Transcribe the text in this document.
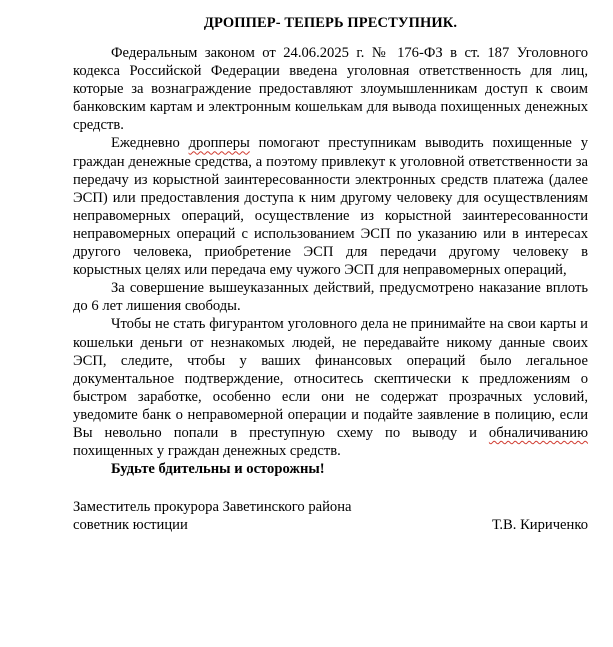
ДРОППЕР- ТЕПЕРЬ ПРЕСТУПНИК.

Федеральным законом от 24.06.2025 г. № 176-ФЗ в ст. 187 Уголовного кодекса Российской Федерации введена уголовная ответственность для лиц, которые за вознаграждение предоставляют злоумышленникам доступ к своим банковским картам и электронным кошелькам для вывода похищенных денежных средств.

Ежедневно дропперы помогают преступникам выводить похищенные у граждан денежные средства, а поэтому привлекут к уголовной ответственности за передачу из корыстной заинтересованности электронных средств платежа (далее ЭСП) или предоставления доступа к ним другому человеку для осуществлениям неправомерных операций, осуществление из корыстной заинтересованности неправомерных операций с использованием ЭСП по указанию или в интересах другого человека, приобретение ЭСП для передачи другому человеку в корыстных целях или передача ему чужого ЭСП для неправомерных операций,

За совершение вышеуказанных действий, предусмотрено наказание вплоть до 6 лет лишения свободы.

Чтобы не стать фигурантом уголовного дела не принимайте на свои карты и кошельки деньги от незнакомых людей, не передавайте никому данные своих ЭСП, следите, чтобы у ваших финансовых операций было легальное документальное подтверждение, относитесь скептически к предложениям о быстром заработке, особенно если они не содержат прозрачных условий, уведомите банк о неправомерной операции и подайте заявление в полицию, если Вы невольно попали в преступную схему по выводу и обналичиванию похищенных у граждан денежных средств.

Будьте бдительны и осторожны!
Заместитель прокурора Заветинского района
советник юстиции	Т.В. Кириченко
